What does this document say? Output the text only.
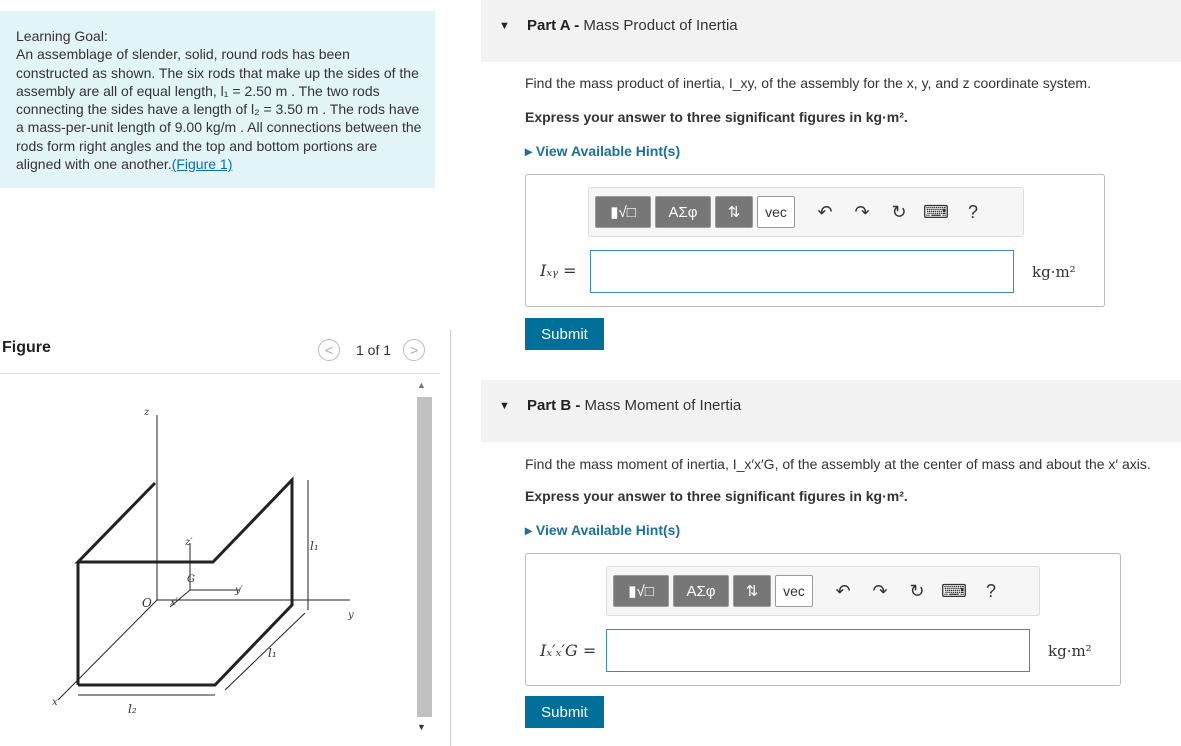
Learning Goal:
An assemblage of slender, solid, round rods has been constructed as shown. The six rods that make up the sides of the assembly are all of equal length, l₁ = 2.50 m . The two rods connecting the sides have a length of l₂ = 3.50 m . The rods have a mass-per-unit length of 9.00 kg/m . All connections between the rods form right angles and the top and bottom portions are aligned with one another.(Figure 1)
Figure	<	1 of 1	>
z
z′
G
y′
O x′
y
x
l₁
l₁
l₂
▲
▼
▼ Part A - Mass Product of Inertia
Find the mass product of inertia, I_xy, of the assembly for the x, y, and z coordinate system.
Express your answer to three significant figures in kg·m².
▸ View Available Hint(s)
▮√□	ΑΣφ	⇅	vec	↶	↷	↻ ⌨	?
Iₓᵧ =	kg·m²
Submit
▼ Part B - Mass Moment of Inertia
Find the mass moment of inertia, I_x′x′G, of the assembly at the center of mass and about the x′ axis.
Express your answer to three significant figures in kg·m².
▸ View Available Hint(s)
▮√□	ΑΣφ	⇅	vec	↶	↷	↻ ⌨	?
Iₓ′ₓ′G =	kg·m²
Submit
